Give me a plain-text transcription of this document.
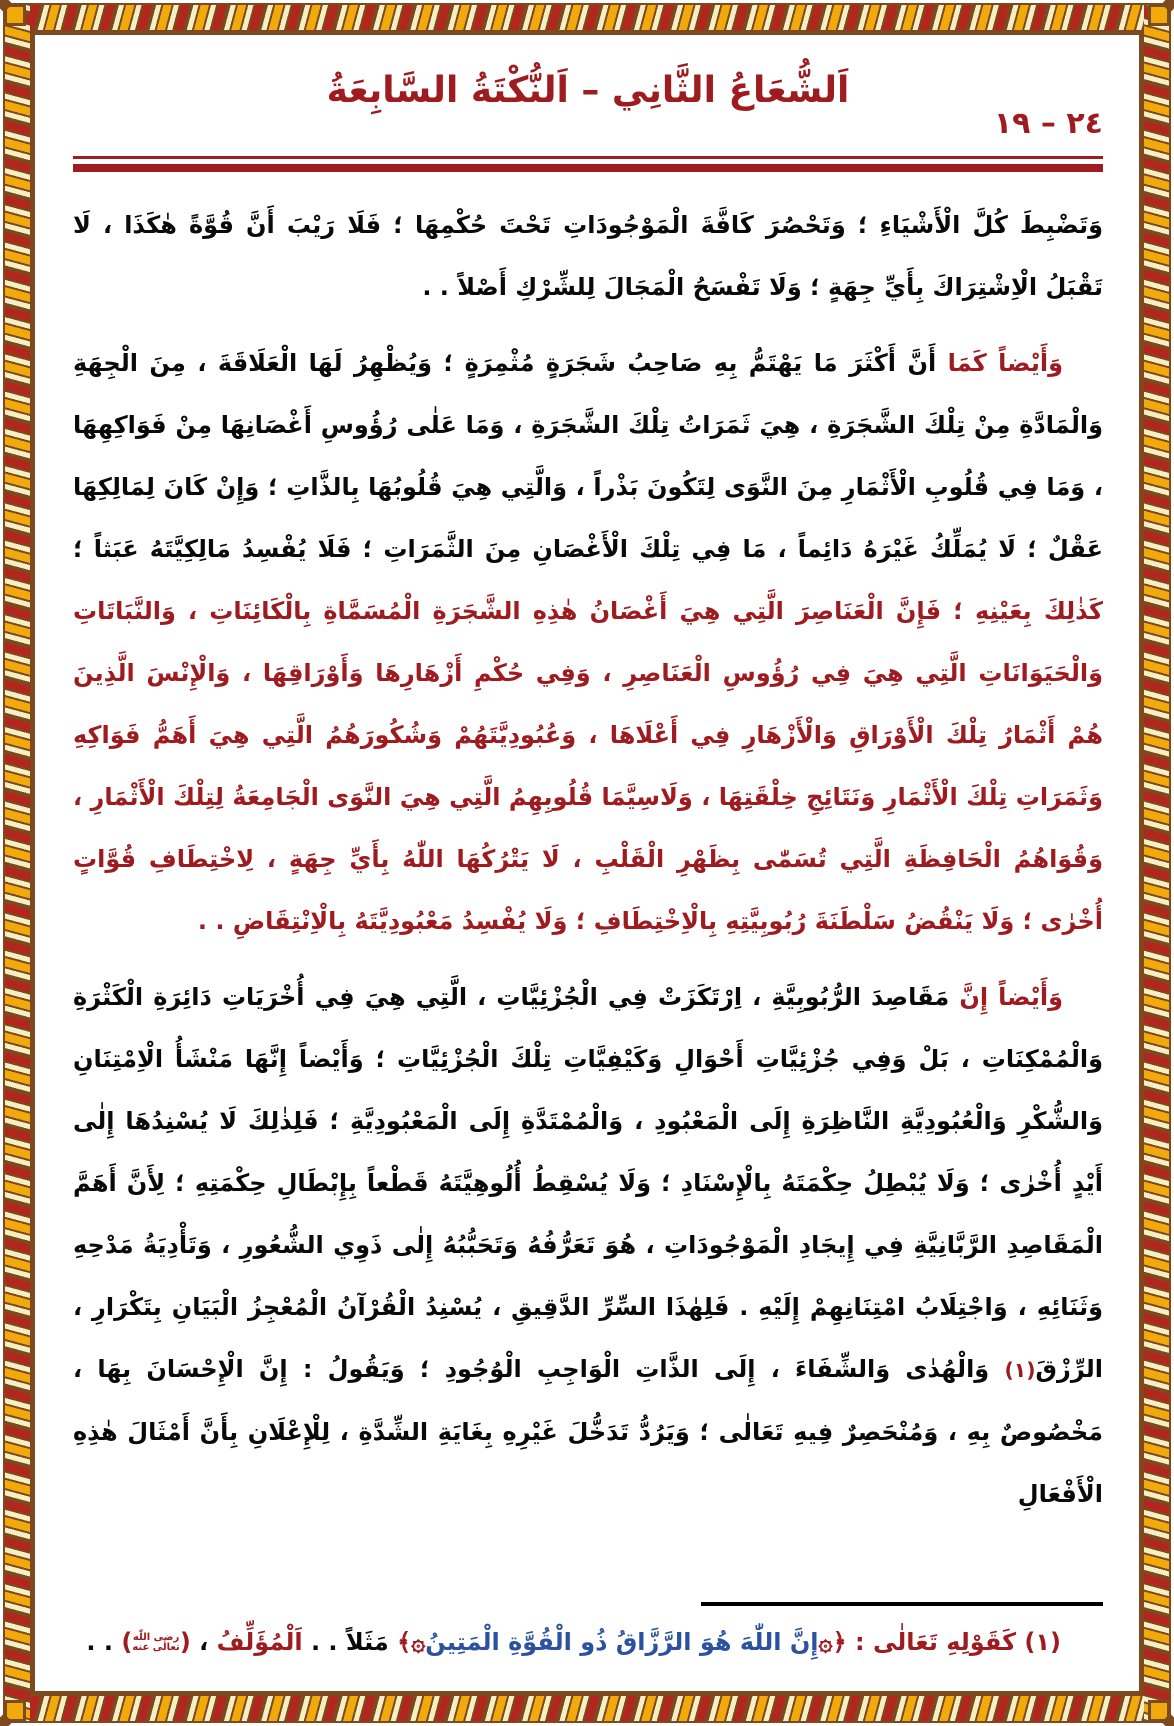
اَلشُّعَاعُ الثَّانِي – اَلنُّكْتَةُ السَّابِعَةُ
٢٤ – ١٩

وَتَضْبِطَ كُلَّ الْأَشْيَاءِ ؛ وَتَحْصُرَ كَافَّةَ الْمَوْجُودَاتِ تَحْتَ حُكْمِهَا ؛ فَلَا رَيْبَ أَنَّ قُوَّةً هٰكَذَا ، لَا تَقْبَلُ الْاِشْتِرَاكَ بِأَيِّ جِهَةٍ ؛ وَلَا تَفْسَحُ الْمَجَالَ لِلشِّرْكِ أَصْلاً . .

وَأَيْضاً كَمَا أَنَّ أَكْثَرَ مَا يَهْتَمُّ بِهِ صَاحِبُ شَجَرَةٍ مُثْمِرَةٍ ؛ وَيُظْهِرُ لَهَا الْعَلَاقَةَ ، مِنَ الْجِهَةِ وَالْمَادَّةِ مِنْ تِلْكَ الشَّجَرَةِ ، هِيَ ثَمَرَاتُ تِلْكَ الشَّجَرَةِ ، وَمَا عَلٰى رُؤُوسِ أَغْصَانِهَا مِنْ فَوَاكِهِهَا ، وَمَا فِي قُلُوبِ الْأَثْمَارِ مِنَ النَّوَى لِتَكُونَ بَذْراً ، وَالَّتِي هِيَ قُلُوبُهَا بِالذَّاتِ ؛ وَإِنْ كَانَ لِمَالِكِهَا عَقْلٌ ؛ لَا يُمَلِّكُ غَيْرَهُ دَائِماً ، مَا فِي تِلْكَ الْأَغْصَانِ مِنَ الثَّمَرَاتِ ؛ فَلَا يُفْسِدُ مَالِكِيَّتَهُ عَبَثاً ؛ كَذٰلِكَ بِعَيْنِهِ ؛ فَإِنَّ الْعَنَاصِرَ الَّتِي هِيَ أَغْصَانُ هٰذِهِ الشَّجَرَةِ الْمُسَمَّاةِ بِالْكَائِنَاتِ ، وَالنَّبَاتَاتِ وَالْحَيَوَانَاتِ الَّتِي هِيَ فِي رُؤُوسِ الْعَنَاصِرِ ، وَفِي حُكْمِ أَزْهَارِهَا وَأَوْرَاقِهَا ، وَالْإِنْسَ الَّذِينَ هُمْ أَثْمَارُ تِلْكَ الْأَوْرَاقِ وَالْأَزْهَارِ فِي أَعْلَاهَا ، وَعُبُودِيَّتَهُمْ وَشُكُورَهُمُ الَّتِي هِيَ أَهَمُّ فَوَاكِهِ وَثَمَرَاتِ تِلْكَ الْأَثْمَارِ وَنَتَائِجِ خِلْقَتِهَا ، وَلَاسِيَّمَا قُلُوبِهِمُ الَّتِي هِيَ النَّوَى الْجَامِعَةُ لِتِلْكَ الْأَثْمَارِ ، وَقُوَاهُمُ الْحَافِظَةِ الَّتِي تُسَمّٰى بِظَهْرِ الْقَلْبِ ، لَا يَتْرُكُهَا اللّٰهُ بِأَيِّ جِهَةٍ ، لِاخْتِطَافِ قُوَّاتٍ أُخْرٰى ؛ وَلَا يَنْقُضُ سَلْطَنَةَ رُبُوبِيَّتِهِ بِالْاِخْتِطَافِ ؛ وَلَا يُفْسِدُ مَعْبُودِيَّتَهُ بِالْاِنْتِقَاضِ . .

وَأَيْضاً إِنَّ مَقَاصِدَ الرُّبُوبِيَّةِ ، اِرْتَكَزَتْ فِي الْجُزْئِيَّاتِ ، الَّتِي هِيَ فِي أُخْرَيَاتِ دَائِرَةِ الْكَثْرَةِ وَالْمُمْكِنَاتِ ، بَلْ وَفِي جُزْئِيَّاتِ أَحْوَالِ وَكَيْفِيَّاتِ تِلْكَ الْجُزْئِيَّاتِ ؛ وَأَيْضاً إِنَّهَا مَنْشَأُ الْاِمْتِنَانِ وَالشُّكْرِ وَالْعُبُودِيَّةِ النَّاظِرَةِ إِلَى الْمَعْبُودِ ، وَالْمُمْتَدَّةِ إِلَى الْمَعْبُودِيَّةِ ؛ فَلِذٰلِكَ لَا يُسْنِدُهَا إِلٰى أَيْدٍ أُخْرٰى ؛ وَلَا يُبْطِلُ حِكْمَتَهُ بِالْإِسْنَادِ ؛ وَلَا يُسْقِطُ أُلُوهِيَّتَهُ قَطْعاً بِإِبْطَالِ حِكْمَتِهِ ؛ لِأَنَّ أَهَمَّ الْمَقَاصِدِ الرَّبَّانِيَّةِ فِي إِيجَادِ الْمَوْجُودَاتِ ، هُوَ تَعَرُّفُهُ وَتَحَبُّبُهُ إِلٰى ذَوِي الشُّعُورِ ، وَتَأْدِيَةُ مَدْحِهِ وَثَنَائِهِ ، وَاجْتِلَابُ امْتِنَانِهِمْ إِلَيْهِ . فَلِهٰذَا السِّرِّ الدَّقِيقِ ، يُسْنِدُ الْقُرْآنُ الْمُعْجِزُ الْبَيَانِ بِتَكْرَارِ ، الرِّزْقَ(١) وَالْهُدٰى وَالشِّفَاءَ ، إِلَى الذَّاتِ الْوَاجِبِ الْوُجُودِ ؛ وَيَقُولُ : إِنَّ الْإِحْسَانَ بِهَا ، مَخْصُوصٌ بِهِ ، وَمُنْحَصِرٌ فِيهِ تَعَالٰى ؛ وَيَرُدُّ تَدَخُّلَ غَيْرِهِ بِغَايَةِ الشِّدَّةِ ، لِلْإِعْلَانِ بِأَنَّ أَمْثَالَ هٰذِهِ الْأَفْعَالِ

(١) كَقَوْلِهِ تَعَالٰى : ﴿۞إِنَّ اللّٰهَ هُوَ الرَّزَّاقُ ذُو الْقُوَّةِ الْمَتِينُ۞﴾ مَثَلاً . . اَلْمُؤَلِّفُ ، (
رضى اللّٰه
تعالٰى عنه
) . .
